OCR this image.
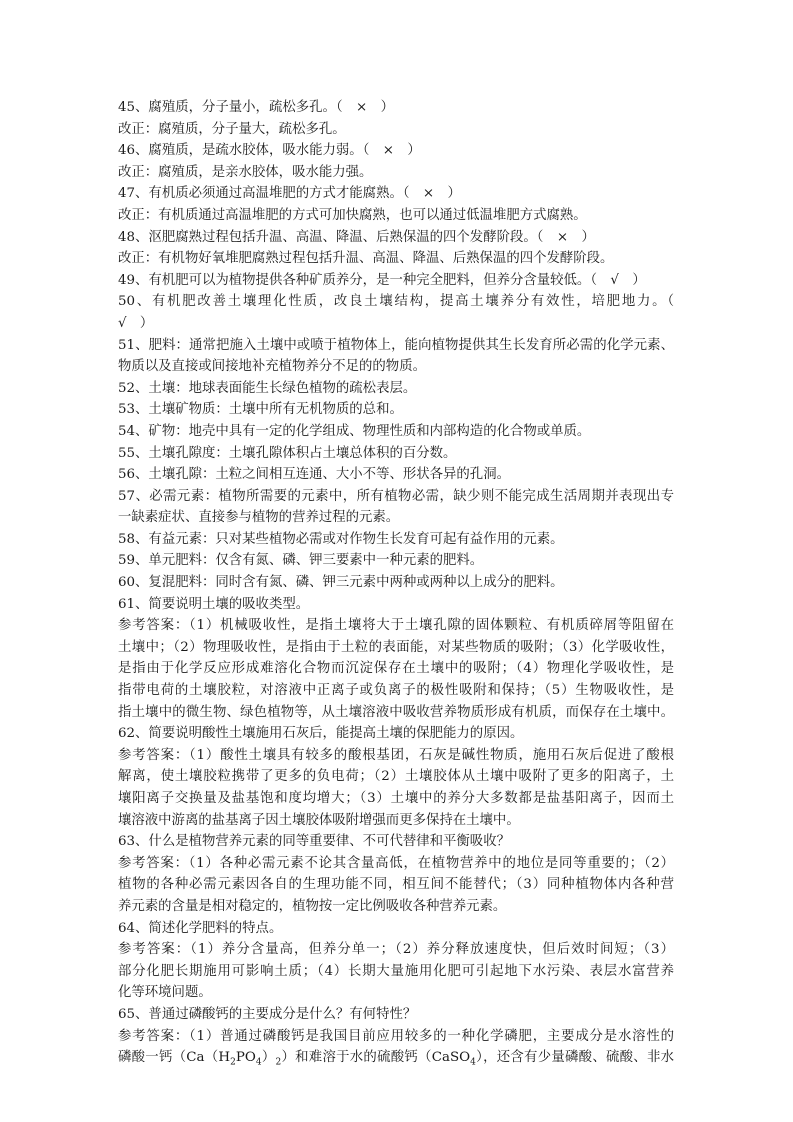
45、腐殖质，分子量小，疏松多孔。（　×　）
改正：腐殖质，分子量大，疏松多孔。
46、腐殖质，是疏水胶体，吸水能力弱。（　×　）
改正：腐殖质，是亲水胶体，吸水能力强。
47、有机质必须通过高温堆肥的方式才能腐熟。（　×　）
改正：有机质通过高温堆肥的方式可加快腐熟，也可以通过低温堆肥方式腐熟。
48、沤肥腐熟过程包括升温、高温、降温、后熟保温的四个发酵阶段。（　×　）
改正：有机物好氧堆肥腐熟过程包括升温、高温、降温、后熟保温的四个发酵阶段。
49、有机肥可以为植物提供各种矿质养分，是一种完全肥料，但养分含量较低。（　√　）
50、有机肥改善土壤理化性质，改良土壤结构，提高土壤养分有效性，培肥地力。（
√　）
51、肥料：通常把施入土壤中或喷于植物体上，能向植物提供其生长发育所必需的化学元素、
物质以及直接或间接地补充植物养分不足的的物质。
52、土壤：地球表面能生长绿色植物的疏松表层。
53、土壤矿物质：土壤中所有无机物质的总和。
54、矿物：地壳中具有一定的化学组成、物理性质和内部构造的化合物或单质。
55、土壤孔隙度：土壤孔隙体积占土壤总体积的百分数。
56、土壤孔隙：土粒之间相互连通、大小不等、形状各异的孔洞。
57、必需元素：植物所需要的元素中，所有植物必需，缺少则不能完成生活周期并表现出专
一缺素症状、直接参与植物的营养过程的元素。
58、有益元素：只对某些植物必需或对作物生长发育可起有益作用的元素。
59、单元肥料：仅含有氮、磷、钾三要素中一种元素的肥料。
60、复混肥料：同时含有氮、磷、钾三元素中两种或两种以上成分的肥料。
61、简要说明土壤的吸收类型。
参考答案：（1）机械吸收性，是指土壤将大于土壤孔隙的固体颗粒、有机质碎屑等阻留在
土壤中；（2）物理吸收性，是指由于土粒的表面能，对某些物质的吸附；（3）化学吸收性，
是指由于化学反应形成难溶化合物而沉淀保存在土壤中的吸附；（4）物理化学吸收性，是
指带电荷的土壤胶粒，对溶液中正离子或负离子的极性吸附和保持；（5）生物吸收性，是
指土壤中的微生物、绿色植物等，从土壤溶液中吸收营养物质形成有机质，而保存在土壤中。
62、简要说明酸性土壤施用石灰后，能提高土壤的保肥能力的原因。
参考答案：（1）酸性土壤具有较多的酸根基团，石灰是碱性物质，施用石灰后促进了酸根
解离，使土壤胶粒携带了更多的负电荷；（2）土壤胶体从土壤中吸附了更多的阳离子，土
壤阳离子交换量及盐基饱和度均增大；（3）土壤中的养分大多数都是盐基阳离子，因而土
壤溶液中游离的盐基离子因土壤胶体吸附增强而更多保持在土壤中。
63、什么是植物营养元素的同等重要律、不可代替律和平衡吸收？
参考答案：（1）各种必需元素不论其含量高低，在植物营养中的地位是同等重要的；（2）
植物的各种必需元素因各自的生理功能不同，相互间不能替代；（3）同种植物体内各种营
养元素的含量是相对稳定的，植物按一定比例吸收各种营养元素。
64、简述化学肥料的特点。
参考答案：（1）养分含量高，但养分单一；（2）养分释放速度快，但后效时间短；（3）
部分化肥长期施用可影响土质；（4）长期大量施用化肥可引起地下水污染、表层水富营养
化等环境问题。
65、普通过磷酸钙的主要成分是什么？有何特性？
参考答案：（1）普通过磷酸钙是我国目前应用较多的一种化学磷肥，主要成分是水溶性的
磷酸一钙$(Ca(H_2PO_4)_2)$和难溶于水的硫酸钙（CaSO$_4$），还含有少量磷酸、硫酸、非水
